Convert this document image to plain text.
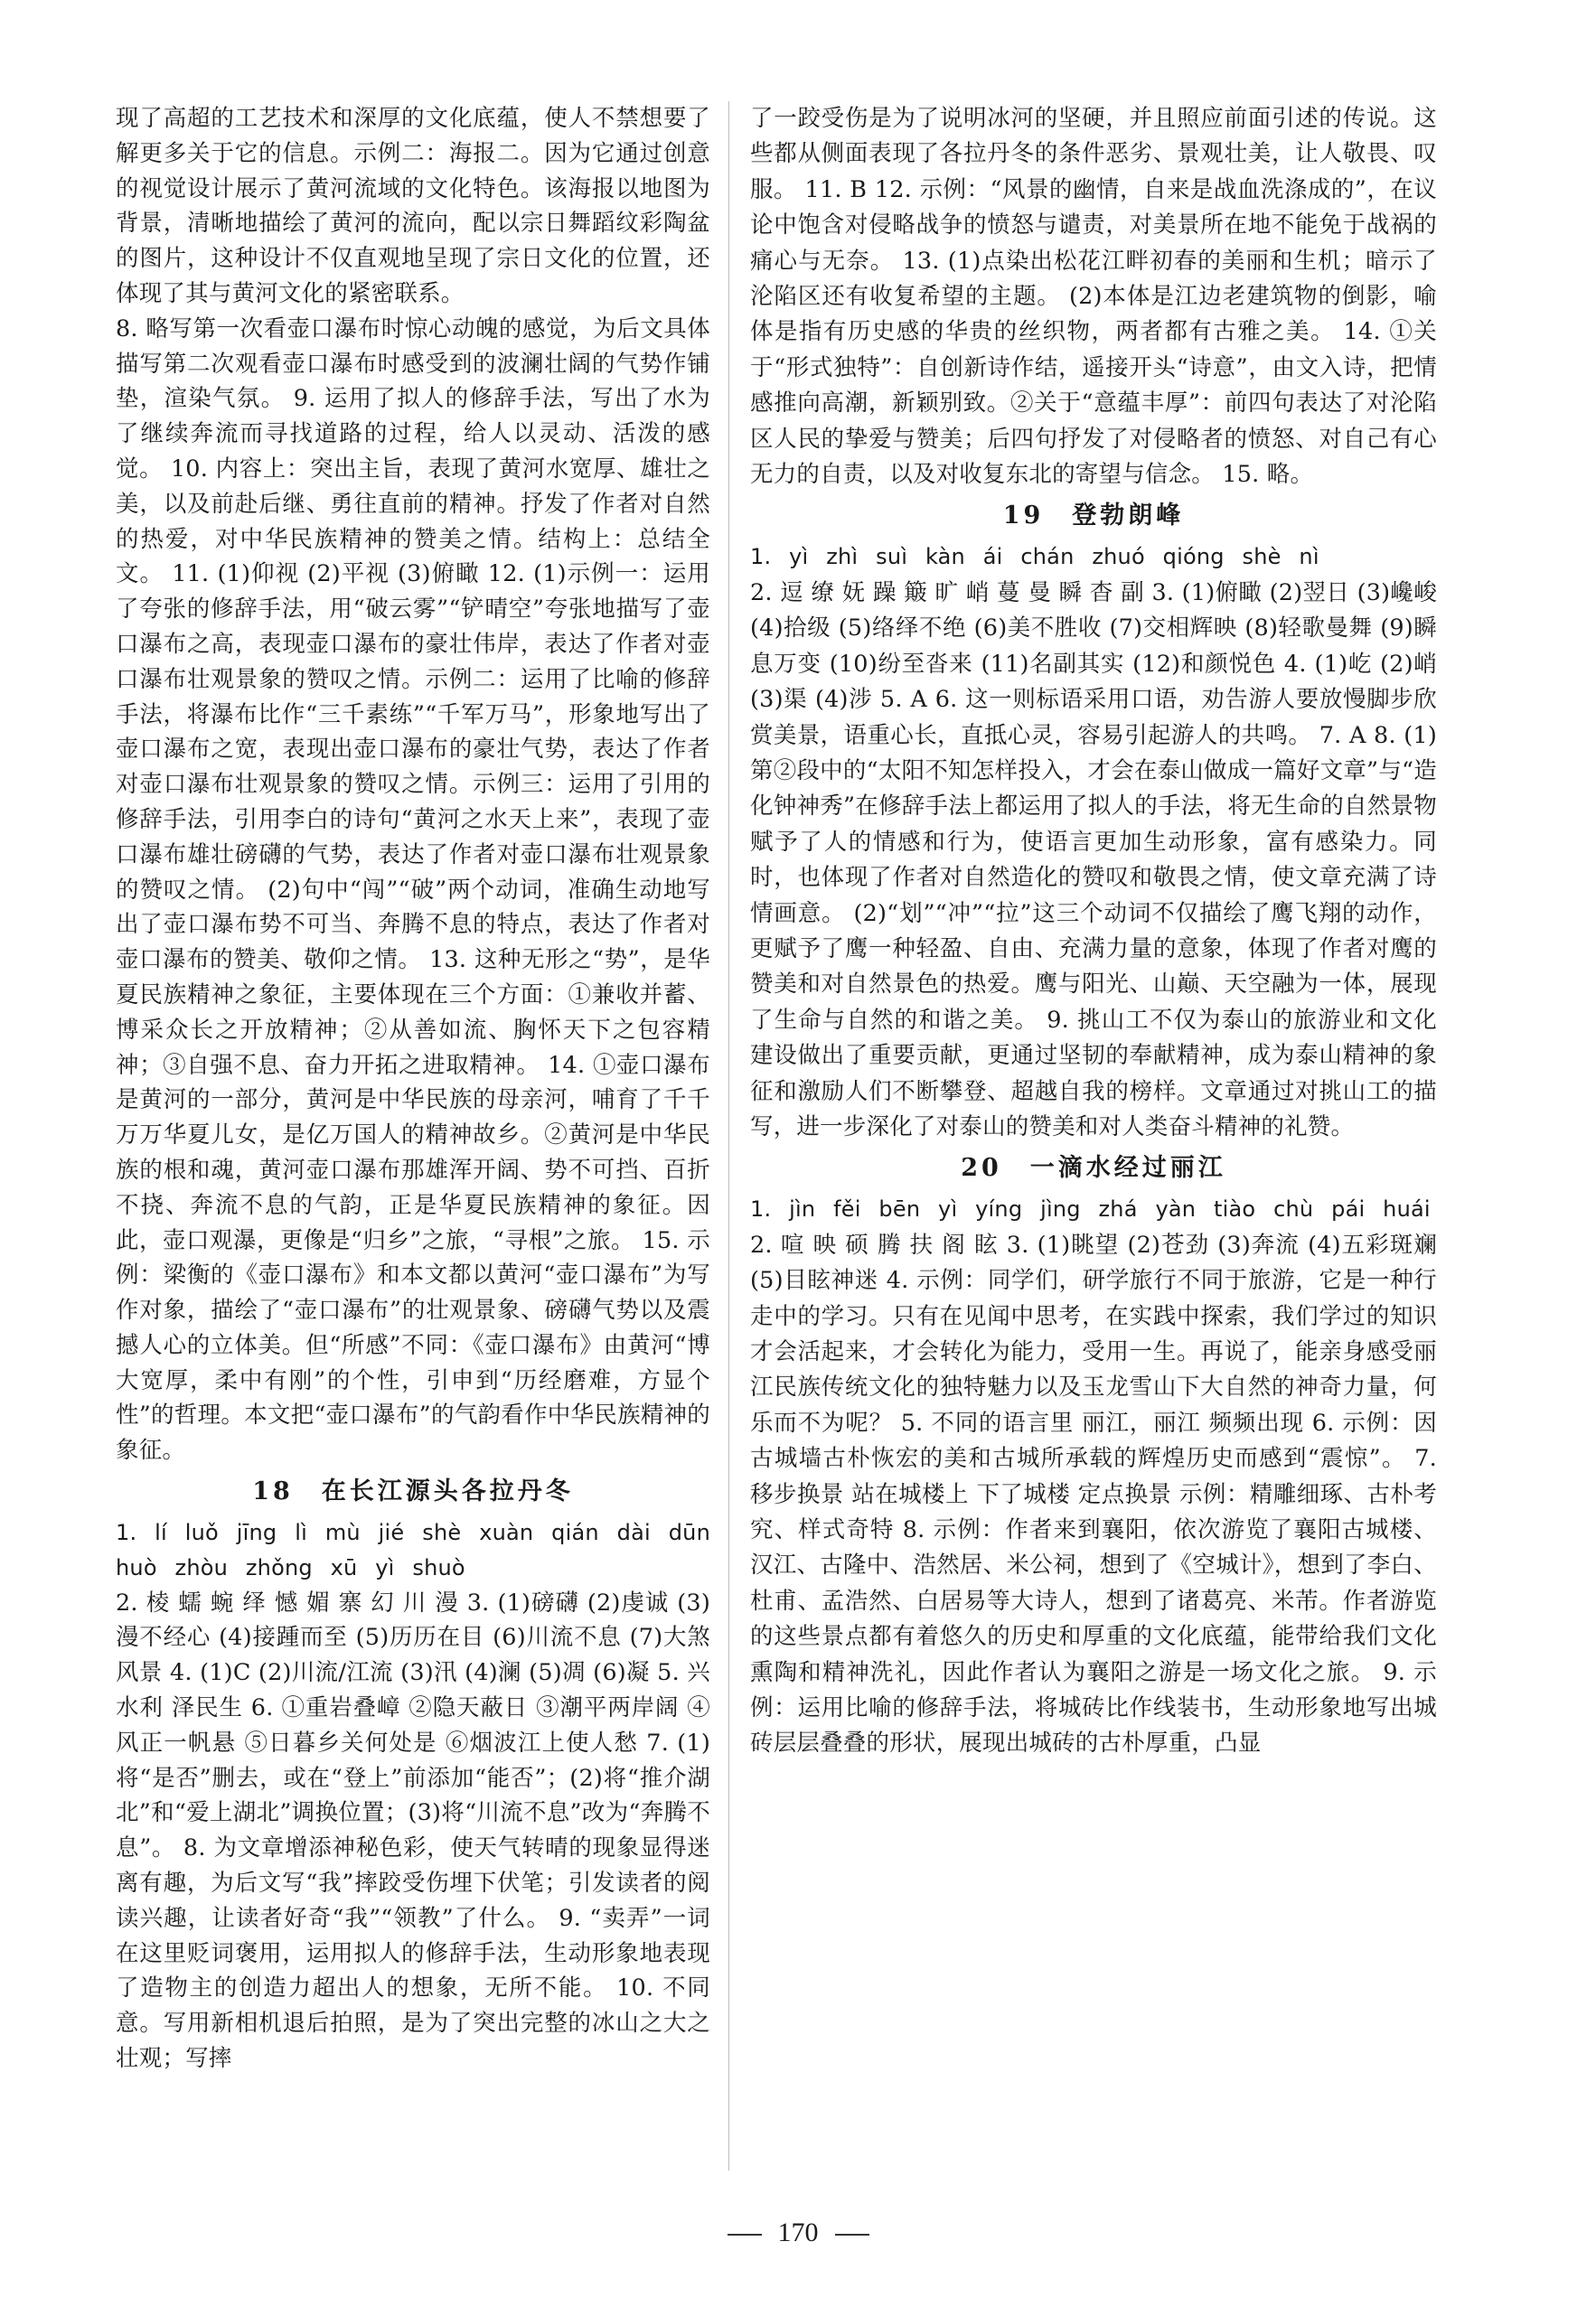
现了高超的工艺技术和深厚的文化底蕴，使人不禁想要了解更多关于它的信息。示例二：海报二。因为它通过创意的视觉设计展示了黄河流域的文化特色。该海报以地图为背景，清晰地描绘了黄河的流向，配以宗日舞蹈纹彩陶盆的图片，这种设计不仅直观地呈现了宗日文化的位置，还体现了其与黄河文化的紧密联系。

8. 略写第一次看壶口瀑布时惊心动魄的感觉，为后文具体描写第二次观看壶口瀑布时感受到的波澜壮阔的气势作铺垫，渲染气氛。 9. 运用了拟人的修辞手法，写出了水为了继续奔流而寻找道路的过程，给人以灵动、活泼的感觉。 10. 内容上：突出主旨，表现了黄河水宽厚、雄壮之美，以及前赴后继、勇往直前的精神。抒发了作者对自然的热爱，对中华民族精神的赞美之情。结构上：总结全文。 11. (1)仰视 (2)平视 (3)俯瞰 12. (1)示例一：运用了夸张的修辞手法，用“破云雾”“铲晴空”夸张地描写了壶口瀑布之高，表现壶口瀑布的豪壮伟岸，表达了作者对壶口瀑布壮观景象的赞叹之情。示例二：运用了比喻的修辞手法，将瀑布比作“三千素练”“千军万马”，形象地写出了壶口瀑布之宽，表现出壶口瀑布的豪壮气势，表达了作者对壶口瀑布壮观景象的赞叹之情。示例三：运用了引用的修辞手法，引用李白的诗句“黄河之水天上来”，表现了壶口瀑布雄壮磅礴的气势，表达了作者对壶口瀑布壮观景象的赞叹之情。 (2)句中“闯”“破”两个动词，准确生动地写出了壶口瀑布势不可当、奔腾不息的特点，表达了作者对壶口瀑布的赞美、敬仰之情。 13. 这种无形之“势”，是华夏民族精神之象征，主要体现在三个方面：①兼收并蓄、博采众长之开放精神；②从善如流、胸怀天下之包容精神；③自强不息、奋力开拓之进取精神。 14. ①壶口瀑布是黄河的一部分，黄河是中华民族的母亲河，哺育了千千万万华夏儿女，是亿万国人的精神故乡。②黄河是中华民族的根和魂，黄河壶口瀑布那雄浑开阔、势不可挡、百折不挠、奔流不息的气韵，正是华夏民族精神的象征。因此，壶口观瀑，更像是“归乡”之旅，“寻根”之旅。 15. 示例：梁衡的《壶口瀑布》和本文都以黄河“壶口瀑布”为写作对象，描绘了“壶口瀑布”的壮观景象、磅礴气势以及震撼人心的立体美。但“所感”不同：《壶口瀑布》由黄河“博大宽厚，柔中有刚”的个性，引申到“历经磨难，方显个性”的哲理。本文把“壶口瀑布”的气韵看作中华民族精神的象征。

18　在长江源头各拉丹冬

1. lí luǒ jīng lì mù jié shè xuàn qián dài dūn huò zhòu zhǒng xū yì shuò

2. 棱 蠕 蜿 绎 憾 媚 寨 幻 川 漫 3. (1)磅礴 (2)虔诚 (3)漫不经心 (4)接踵而至 (5)历历在目 (6)川流不息 (7)大煞风景 4. (1)C (2)川流/江流 (3)汛 (4)澜 (5)凋 (6)凝 5. 兴水利 泽民生 6. ①重岩叠嶂 ②隐天蔽日 ③潮平两岸阔 ④风正一帆悬 ⑤日暮乡关何处是 ⑥烟波江上使人愁 7. (1)将“是否”删去，或在“登上”前添加“能否”；(2)将“推介湖北”和“爱上湖北”调换位置；(3)将“川流不息”改为“奔腾不息”。 8. 为文章增添神秘色彩，使天气转晴的现象显得迷离有趣，为后文写“我”摔跤受伤埋下伏笔；引发读者的阅读兴趣，让读者好奇“我”“领教”了什么。 9. “卖弄”一词在这里贬词褒用，运用拟人的修辞手法，生动形象地表现了造物主的创造力超出人的想象，无所不能。 10. 不同意。写用新相机退后拍照，是为了突出完整的冰山之大之壮观；写摔

了一跤受伤是为了说明冰河的坚硬，并且照应前面引述的传说。这些都从侧面表现了各拉丹冬的条件恶劣、景观壮美，让人敬畏、叹服。 11. B 12. 示例：“风景的幽情，自来是战血洗涤成的”，在议论中饱含对侵略战争的愤怒与谴责，对美景所在地不能免于战祸的痛心与无奈。 13. (1)点染出松花江畔初春的美丽和生机；暗示了沦陷区还有收复希望的主题。 (2)本体是江边老建筑物的倒影，喻体是指有历史感的华贵的丝织物，两者都有古雅之美。 14. ①关于“形式独特”：自创新诗作结，遥接开头“诗意”，由文入诗，把情感推向高潮，新颖别致。②关于“意蕴丰厚”：前四句表达了对沦陷区人民的挚爱与赞美；后四句抒发了对侵略者的愤怒、对自己有心无力的自责，以及对收复东北的寄望与信念。 15. 略。

19　登勃朗峰

1. yì zhì suì kàn ái chán zhuó qióng shè nì

2. 逗 缭 妩 躁 簸 旷 峭 蔓 曼 瞬 杳 副 3. (1)俯瞰 (2)翌日 (3)巉峻 (4)拾级 (5)络绎不绝 (6)美不胜收 (7)交相辉映 (8)轻歌曼舞 (9)瞬息万变 (10)纷至沓来 (11)名副其实 (12)和颜悦色 4. (1)屹 (2)峭 (3)渠 (4)涉 5. A 6. 这一则标语采用口语，劝告游人要放慢脚步欣赏美景，语重心长，直抵心灵，容易引起游人的共鸣。 7. A 8. (1)第②段中的“太阳不知怎样投入，才会在泰山做成一篇好文章”与“造化钟神秀”在修辞手法上都运用了拟人的手法，将无生命的自然景物赋予了人的情感和行为，使语言更加生动形象，富有感染力。同时，也体现了作者对自然造化的赞叹和敬畏之情，使文章充满了诗情画意。 (2)“划”“冲”“拉”这三个动词不仅描绘了鹰飞翔的动作，更赋予了鹰一种轻盈、自由、充满力量的意象，体现了作者对鹰的赞美和对自然景色的热爱。鹰与阳光、山巅、天空融为一体，展现了生命与自然的和谐之美。 9. 挑山工不仅为泰山的旅游业和文化建设做出了重要贡献，更通过坚韧的奉献精神，成为泰山精神的象征和激励人们不断攀登、超越自我的榜样。文章通过对挑山工的描写，进一步深化了对泰山的赞美和对人类奋斗精神的礼赞。

20　一滴水经过丽江

1. jìn fěi bēn yì yíng jìng zhá yàn tiào chù pái huái

2. 喧 映 硕 腾 扶 阁 眩 3. (1)眺望 (2)苍劲 (3)奔流 (4)五彩斑斓 (5)目眩神迷 4. 示例：同学们，研学旅行不同于旅游，它是一种行走中的学习。只有在见闻中思考，在实践中探索，我们学过的知识才会活起来，才会转化为能力，受用一生。再说了，能亲身感受丽江民族传统文化的独特魅力以及玉龙雪山下大自然的神奇力量，何乐而不为呢？ 5. 不同的语言里 丽江，丽江 频频出现 6. 示例：因古城墙古朴恢宏的美和古城所承载的辉煌历史而感到“震惊”。 7. 移步换景 站在城楼上 下了城楼 定点换景 示例：精雕细琢、古朴考究、样式奇特 8. 示例：作者来到襄阳，依次游览了襄阳古城楼、汉江、古隆中、浩然居、米公祠，想到了《空城计》，想到了李白、杜甫、孟浩然、白居易等大诗人，想到了诸葛亮、米芾。作者游览的这些景点都有着悠久的历史和厚重的文化底蕴，能带给我们文化熏陶和精神洗礼，因此作者认为襄阳之游是一场文化之旅。 9. 示例：运用比喻的修辞手法，将城砖比作线装书，生动形象地写出城砖层层叠叠的形状，展现出城砖的古朴厚重，凸显

170
